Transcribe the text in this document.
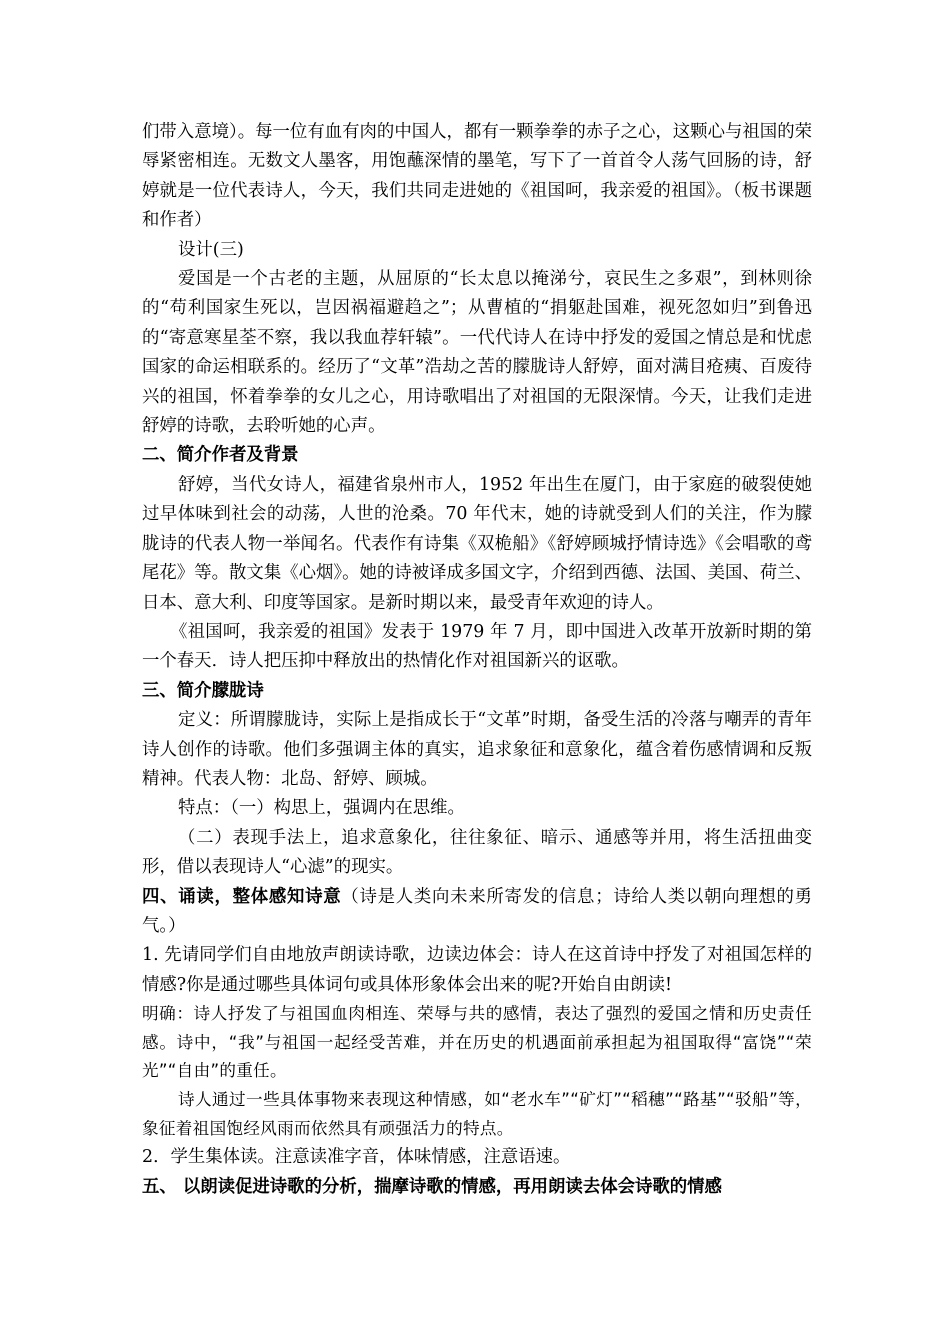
们带入意境）。每一位有血有肉的中国人，都有一颗拳拳的赤子之心，这颗心与祖国的荣辱紧密相连。无数文人墨客，用饱蘸深情的墨笔，写下了一首首令人荡气回肠的诗，舒婷就是一位代表诗人，今天，我们共同走进她的《祖国呵，我亲爱的祖国》。（板书课题和作者）

设计(三)

爱国是一个古老的主题，从屈原的“长太息以掩涕兮，哀民生之多艰”，到林则徐的“苟利国家生死以，岂因祸福避趋之”；从曹植的“捐躯赴国难，视死忽如归”到鲁迅的“寄意寒星荃不察，我以我血荐轩辕”。一代代诗人在诗中抒发的爱国之情总是和忧虑国家的命运相联系的。经历了“文革”浩劫之苦的朦胧诗人舒婷，面对满目疮痍、百废待兴的祖国，怀着拳拳的女儿之心，用诗歌唱出了对祖国的无限深情。今天，让我们走进舒婷的诗歌，去聆听她的心声。

二、简介作者及背景

舒婷，当代女诗人，福建省泉州市人，1952 年出生在厦门，由于家庭的破裂使她过早体味到社会的动荡，人世的沧桑。70 年代末，她的诗就受到人们的关注，作为朦胧诗的代表人物一举闻名。代表作有诗集《双桅船》《舒婷顾城抒情诗选》《会唱歌的鸢尾花》等。散文集《心烟》。她的诗被译成多国文字，介绍到西德、法国、美国、荷兰、日本、意大利、印度等国家。是新时期以来，最受青年欢迎的诗人。

《祖国呵，我亲爱的祖国》发表于 1979 年 7 月，即中国进入改革开放新时期的第一个春天．诗人把压抑中释放出的热情化作对祖国新兴的讴歌。

三、简介朦胧诗

定义：所谓朦胧诗，实际上是指成长于“文革”时期，备受生活的冷落与嘲弄的青年诗人创作的诗歌。他们多强调主体的真实，追求象征和意象化，蕴含着伤感情调和反叛精神。代表人物：北岛、舒婷、顾城。

特点：（一）构思上，强调内在思维。

（二）表现手法上，追求意象化，往往象征、暗示、通感等并用，将生活扭曲变形，借以表现诗人“心滤”的现实。

四、诵读，整体感知诗意（诗是人类向未来所寄发的信息；诗给人类以朝向理想的勇气。）

1. 先请同学们自由地放声朗读诗歌，边读边体会：诗人在这首诗中抒发了对祖国怎样的情感?你是通过哪些具体词句或具体形象体会出来的呢?开始自由朗读!

明确：诗人抒发了与祖国血肉相连、荣辱与共的感情，表达了强烈的爱国之情和历史责任感。诗中，“我”与祖国一起经受苦难，并在历史的机遇面前承担起为祖国取得“富饶”“荣光”“自由”的重任。

诗人通过一些具体事物来表现这种情感，如“老水车”“矿灯”“稻穗”“路基”“驳船”等，象征着祖国饱经风雨而依然具有顽强活力的特点。

2．学生集体读。注意读准字音，体味情感，注意语速。

五、 以朗读促进诗歌的分析，揣摩诗歌的情感，再用朗读去体会诗歌的情感
